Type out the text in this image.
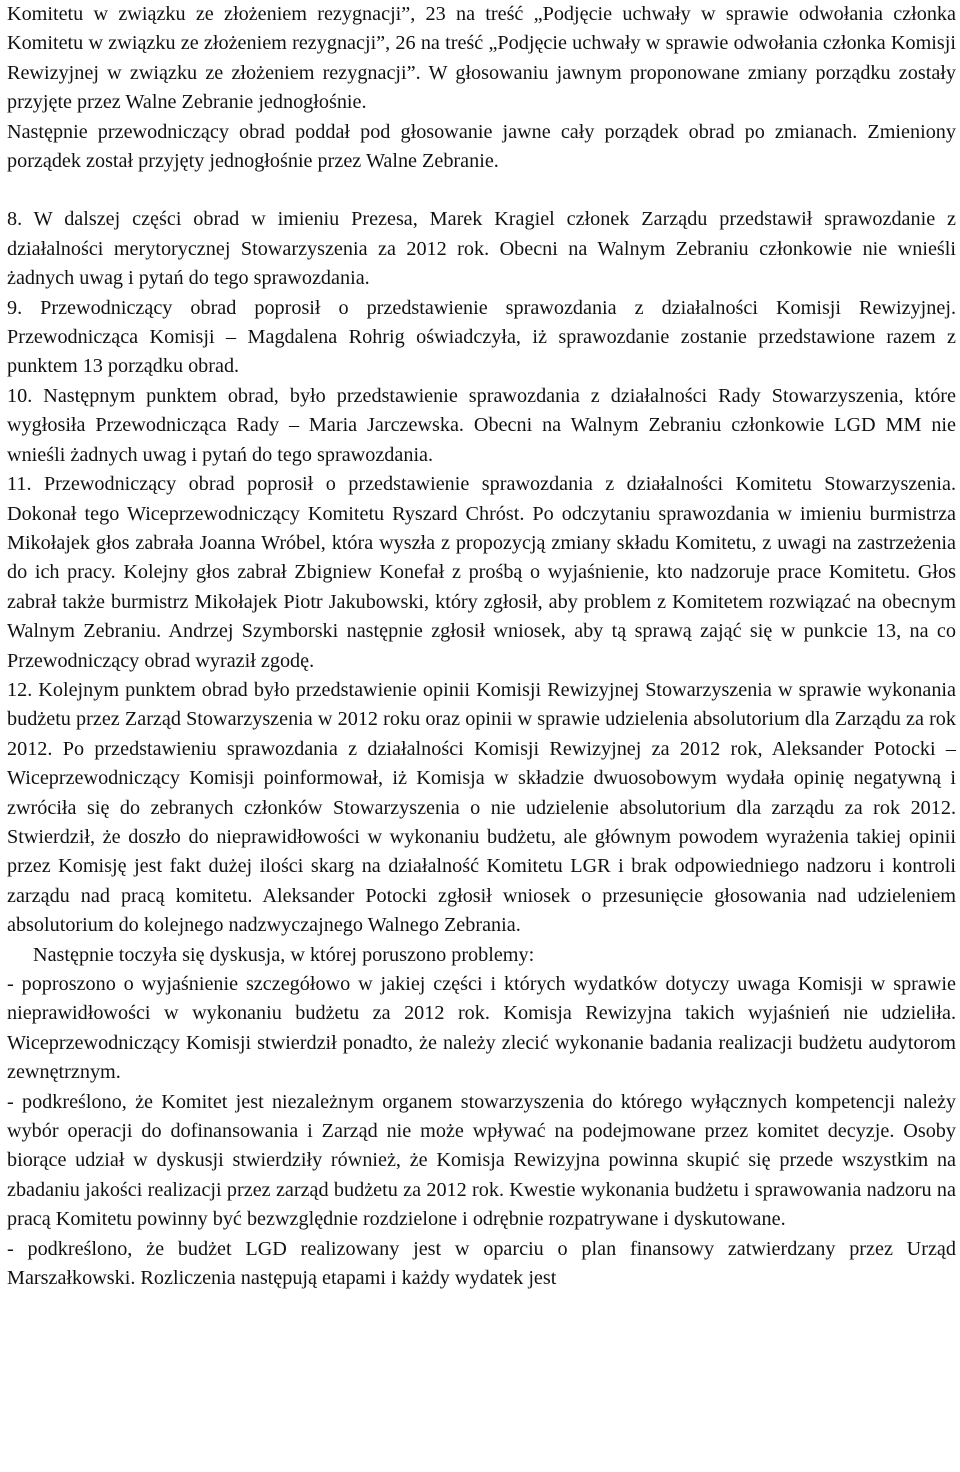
Komitetu w związku ze złożeniem rezygnacji”, 23 na treść „Podjęcie uchwały w sprawie odwołania członka Komitetu w związku ze złożeniem rezygnacji”, 26 na treść „Podjęcie uchwały w sprawie odwołania członka Komisji Rewizyjnej w związku ze złożeniem rezygnacji”. W głosowaniu jawnym proponowane zmiany porządku zostały przyjęte przez Walne Zebranie jednogłośnie.

Następnie przewodniczący obrad poddał pod głosowanie jawne cały porządek obrad po zmianach. Zmieniony porządek został przyjęty jednogłośnie przez Walne Zebranie.

8. W dalszej części obrad w imieniu Prezesa, Marek Kragiel członek Zarządu przedstawił sprawozdanie z działalności merytorycznej Stowarzyszenia za 2012 rok. Obecni na Walnym Zebraniu członkowie nie wnieśli żadnych uwag i pytań do tego sprawozdania.

9. Przewodniczący obrad poprosił o przedstawienie sprawozdania z działalności Komisji Rewizyjnej. Przewodnicząca Komisji – Magdalena Rohrig oświadczyła, iż sprawozdanie zostanie przedstawione razem z punktem 13 porządku obrad.

10. Następnym punktem obrad, było przedstawienie sprawozdania z działalności Rady Stowarzyszenia, które wygłosiła Przewodnicząca Rady – Maria Jarczewska. Obecni na Walnym Zebraniu członkowie LGD MM nie wnieśli żadnych uwag i pytań do tego sprawozdania.

11. Przewodniczący obrad poprosił o przedstawienie sprawozdania z działalności Komitetu Stowarzyszenia. Dokonał tego Wiceprzewodniczący Komitetu Ryszard Chróst. Po odczytaniu sprawozdania w imieniu burmistrza Mikołajek głos zabrała Joanna Wróbel, która wyszła z propozycją zmiany składu Komitetu, z uwagi na zastrzeżenia do ich pracy. Kolejny głos zabrał Zbigniew Konefał z prośbą o wyjaśnienie, kto nadzoruje prace Komitetu. Głos zabrał także burmistrz Mikołajek Piotr Jakubowski, który zgłosił, aby problem z Komitetem rozwiązać na obecnym Walnym Zebraniu. Andrzej Szymborski następnie zgłosił wniosek, aby tą sprawą zająć się w punkcie 13, na co Przewodniczący obrad wyraził zgodę.

12. Kolejnym punktem obrad było przedstawienie opinii Komisji Rewizyjnej Stowarzyszenia w sprawie wykonania budżetu przez Zarząd Stowarzyszenia w 2012 roku oraz opinii w sprawie udzielenia absolutorium dla Zarządu za rok 2012. Po przedstawieniu sprawozdania z działalności Komisji Rewizyjnej za 2012 rok, Aleksander Potocki – Wiceprzewodniczący Komisji poinformował, iż Komisja w składzie dwuosobowym wydała opinię negatywną i zwróciła się do zebranych członków Stowarzyszenia o nie udzielenie absolutorium dla zarządu za rok 2012. Stwierdził, że doszło do nieprawidłowości w wykonaniu budżetu, ale głównym powodem wyrażenia takiej opinii przez Komisję jest fakt dużej ilości skarg na działalność Komitetu LGR i brak odpowiedniego nadzoru i kontroli zarządu nad pracą komitetu. Aleksander Potocki zgłosił wniosek o przesunięcie głosowania nad udzieleniem absolutorium do kolejnego nadzwyczajnego Walnego Zebrania.

Następnie toczyła się dyskusja, w której poruszono problemy:

- poproszono o wyjaśnienie szczegółowo w jakiej części i których wydatków dotyczy uwaga Komisji w sprawie nieprawidłowości w wykonaniu budżetu za 2012 rok. Komisja Rewizyjna takich wyjaśnień nie udzieliła. Wiceprzewodniczący Komisji stwierdził ponadto, że należy zlecić wykonanie badania realizacji budżetu audytorom zewnętrznym.

- podkreślono, że Komitet jest niezależnym organem stowarzyszenia do którego wyłącznych kompetencji należy wybór operacji do dofinansowania i Zarząd nie może wpływać na podejmowane przez komitet decyzje. Osoby biorące udział w dyskusji stwierdziły również, że Komisja Rewizyjna powinna skupić się przede wszystkim na zbadaniu jakości realizacji przez zarząd budżetu za 2012 rok. Kwestie wykonania budżetu i sprawowania nadzoru na pracą Komitetu powinny być bezwzględnie rozdzielone i odrębnie rozpatrywane i dyskutowane.

- podkreślono, że budżet LGD realizowany jest w oparciu o plan finansowy zatwierdzany przez Urząd Marszałkowski. Rozliczenia następują etapami i każdy wydatek jest
